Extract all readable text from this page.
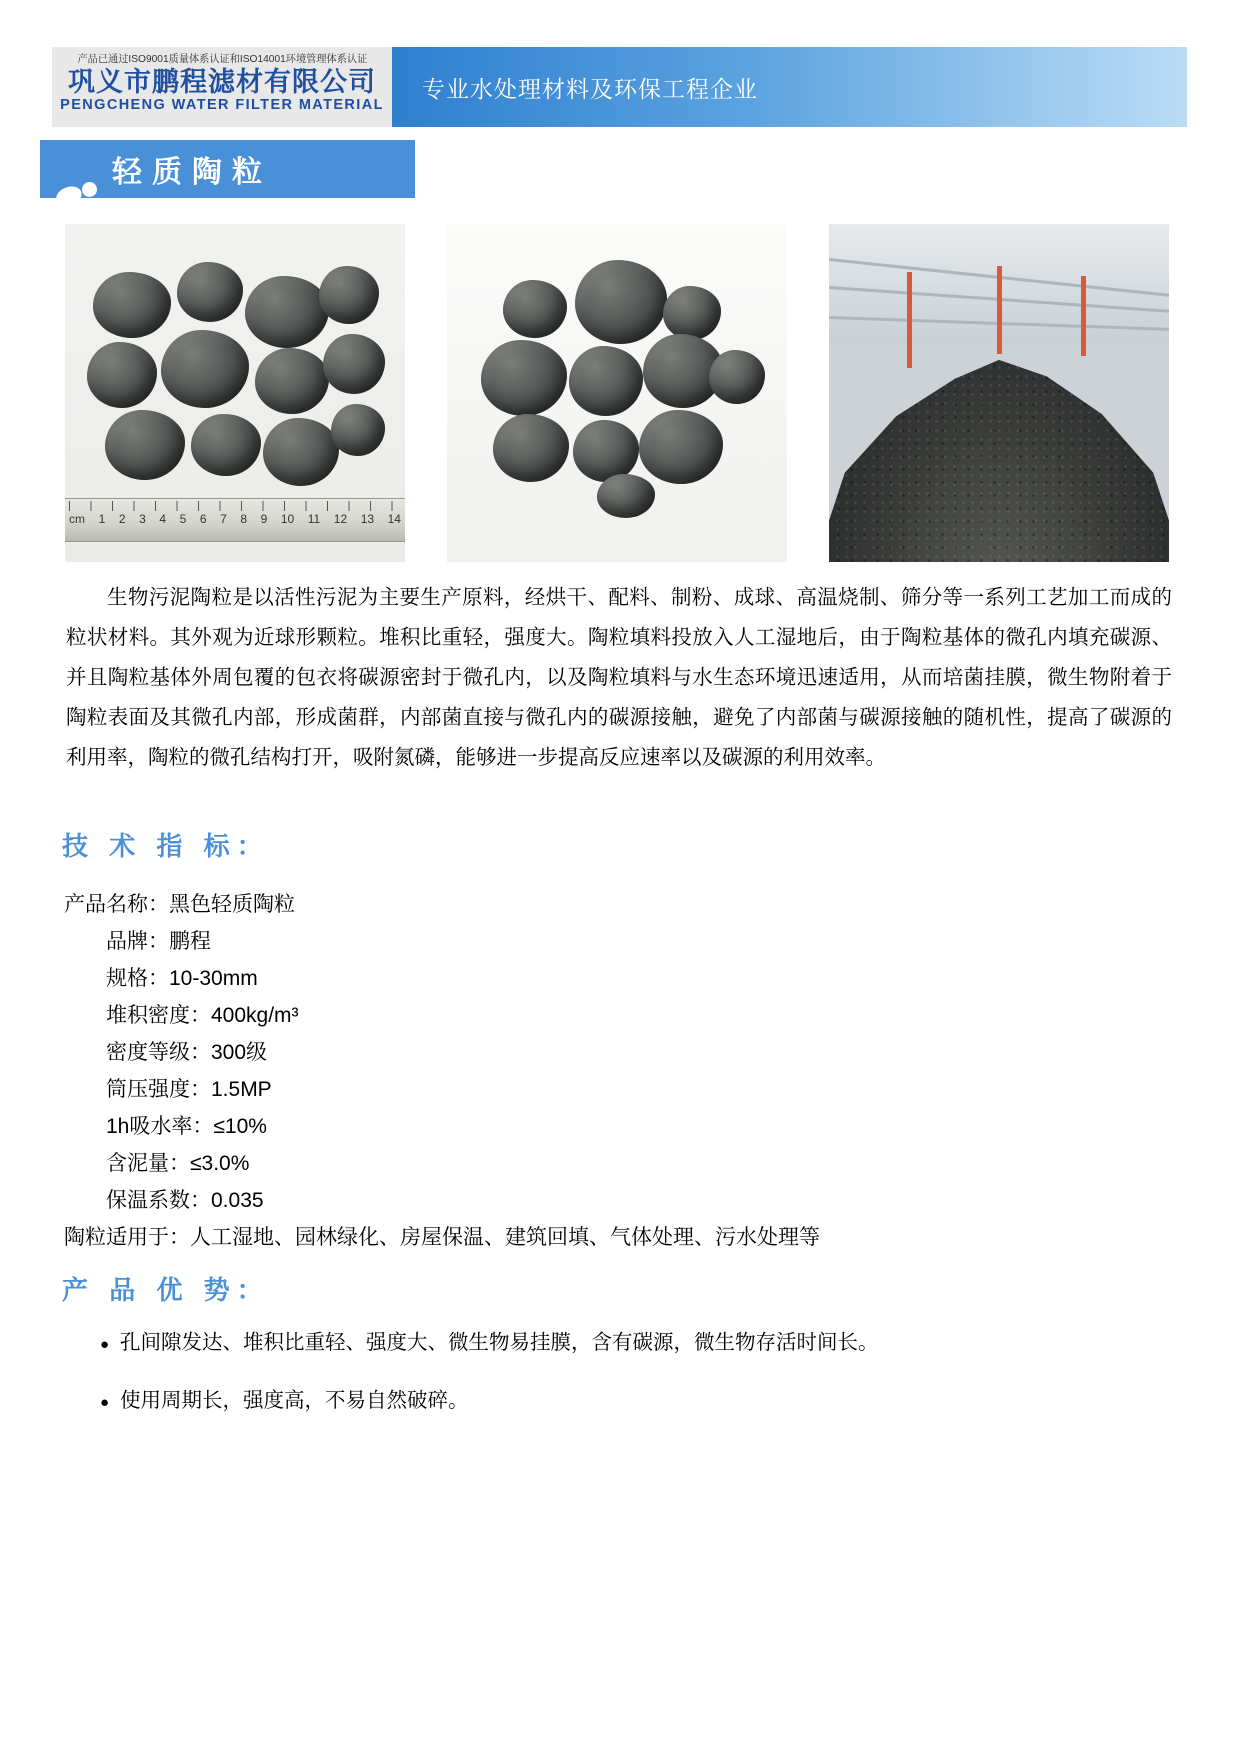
产品已通过ISO9001质量体系认证和ISO14001环境管理体系认证
巩义市鹏程滤材有限公司
PENGCHENG WATER FILTER MATERIAL
专业水处理材料及环保工程企业
轻质陶粒
cm 1 2 3 4 5 6 7 8 9 10 11 12 13 14
生物污泥陶粒是以活性污泥为主要生产原料，经烘干、配料、制粉、成球、高温烧制、筛分等一系列工艺加工而成的粒状材料。其外观为近球形颗粒。堆积比重轻，强度大。陶粒填料投放入人工湿地后，由于陶粒基体的微孔内填充碳源、并且陶粒基体外周包覆的包衣将碳源密封于微孔内，以及陶粒填料与水生态环境迅速适用，从而培菌挂膜，微生物附着于陶粒表面及其微孔内部，形成菌群，内部菌直接与微孔内的碳源接触，避免了内部菌与碳源接触的随机性，提高了碳源的利用率，陶粒的微孔结构打开，吸附氮磷，能够进一步提高反应速率以及碳源的利用效率。
技 术 指 标：
产品名称：黑色轻质陶粒
品牌：鹏程
规格：10-30mm
堆积密度：400kg/m³
密度等级：300级
筒压强度：1.5MP
1h吸水率：≤10%
含泥量：≤3.0%
保温系数：0.035
陶粒适用于：人工湿地、园林绿化、房屋保温、建筑回填、气体处理、污水处理等
产 品 优 势：
● 孔间隙发达、堆积比重轻、强度大、微生物易挂膜，含有碳源，微生物存活时间长。
● 使用周期长，强度高，不易自然破碎。
